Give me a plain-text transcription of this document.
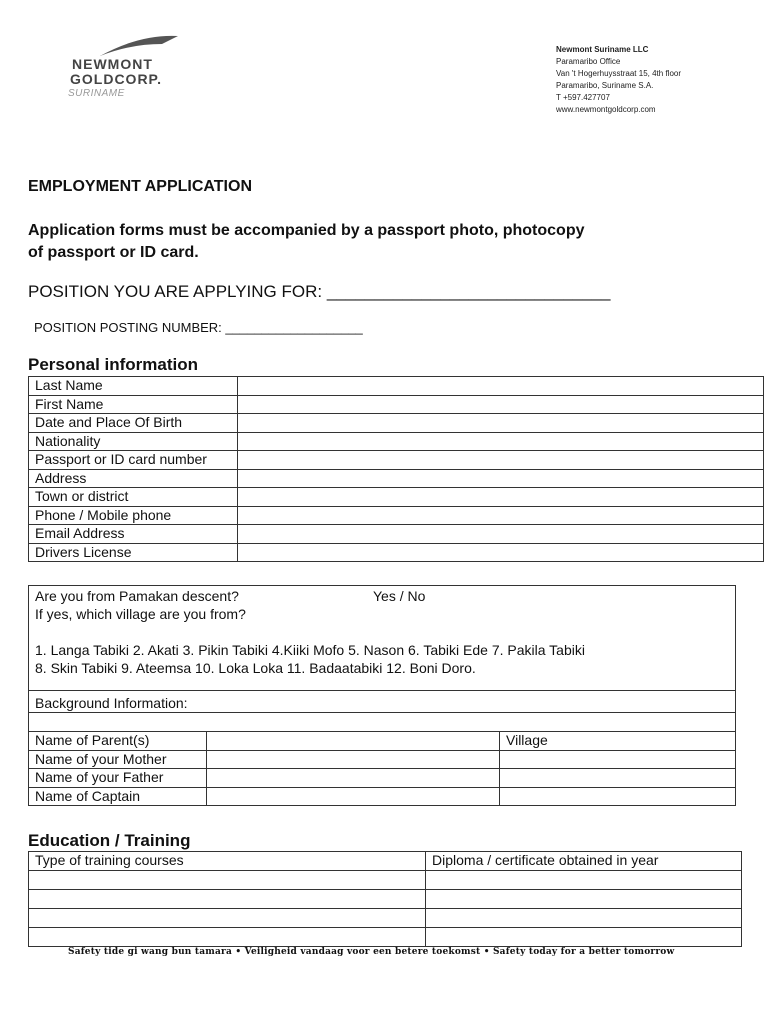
NEWMONT
GOLDCORP.
SURINAME
Newmont Suriname LLC
Paramaribo Office
Van 't Hogerhuysstraat 15, 4th floor
Paramaribo, Suriname S.A.
T +597.427707
www.newmontgoldcorp.com
EMPLOYMENT APPLICATION
Application forms must be accompanied by a passport photo, photocopy of passport or ID card.
POSITION YOU ARE APPLYING FOR: ______________________________
POSITION POSTING NUMBER: ___________________
Personal information
Last Name	
First Name	
Date and Place Of Birth	
Nationality	
Passport or ID card number	
Address	
Town or district	
Phone / Mobile phone	
Email Address	
Drivers License	
Are you from Pamakan descent?	Yes / No
If yes, which village are you from?
1. Langa Tabiki 2. Akati 3. Pikin Tabiki 4.Kiiki Mofo 5. Nason 6. Tabiki Ede 7. Pakila Tabiki
8. Skin Tabiki 9. Ateemsa 10. Loka Loka 11. Badaatabiki 12. Boni Doro.
Background Information:
Name of Parent(s)		Village
Name of your Mother		
Name of your Father		
Name of Captain		
Education / Training
Type of training courses	Diploma / certificate obtained in year

Safety tide gi wang bun tamara • Veiligheid vandaag voor een betere toekomst • Safety today for a better tomorrow
